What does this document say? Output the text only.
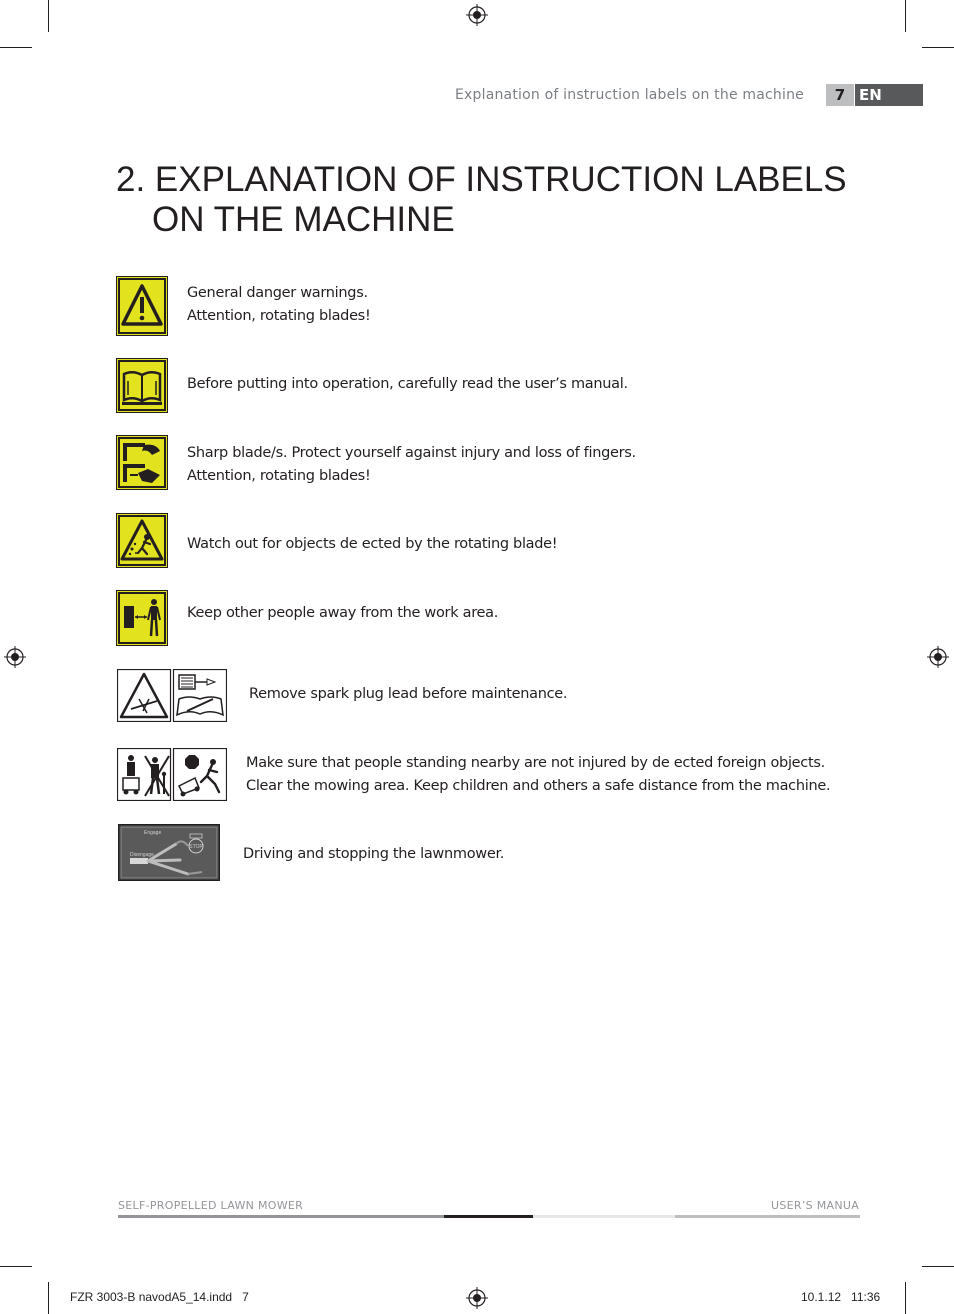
Explanation of instruction labels on the machine	7 EN
2. EXPLANATION OF INSTRUCTION LABELS
ON THE MACHINE
General danger warnings.
Attention, rotating blades!
Before putting into operation, carefully read the user’s manual.
Sharp blade/s. Protect yourself against injury and loss of fingers.
Attention, rotating blades!
Watch out for objects de ected by the rotating blade!
Keep other people away from the work area.
Remove spark plug lead before maintenance.
Make sure that people standing nearby are not injured by de ected foreign objects.
Clear the mowing area. Keep children and others a safe distance from the machine.
Engage
Disengage
STOP	Driving and stopping the lawnmower.
SELF-PROPELLED LAWN MOWER	USER’S MANUA
FZR 3003-B navodA5_14.indd   7	10.1.12   11:36
